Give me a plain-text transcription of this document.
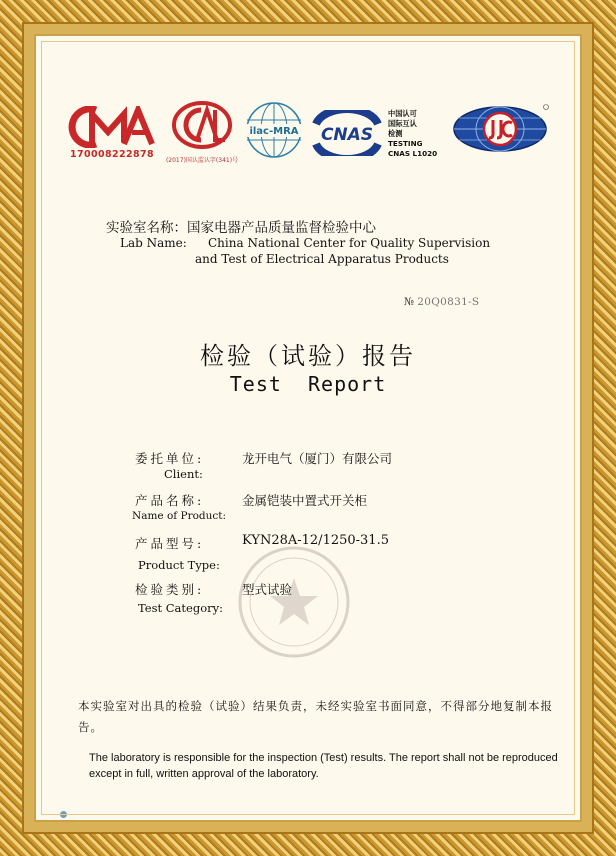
170008222878
(2017)国认监认字(341)号
ilac-MRA CNAS
中国认可
国际互认
检测
TESTING
CNAS L1020
实验室名称：国家电器产品质量监督检验中心
Lab Name: China National Center for Quality Supervision
and Test of Electrical Apparatus Products
№ 20Q0831-S
检验（试验）报告
Test  Report
委托单位:	龙开电气（厦门）有限公司
Client:
产品名称:	金属铠装中置式开关柜
Name of Product:
产品型号:	KYN28A-12/1250-31.5
Product Type:
检验类别:	型式试验
Test Category:
本实验室对出具的检验（试验）结果负责，未经实验室书面同意，不得部分地复制本报告。
The laboratory is responsible for the inspection (Test) results. The report shall not be reproduced except in full, written approval of the laboratory.
